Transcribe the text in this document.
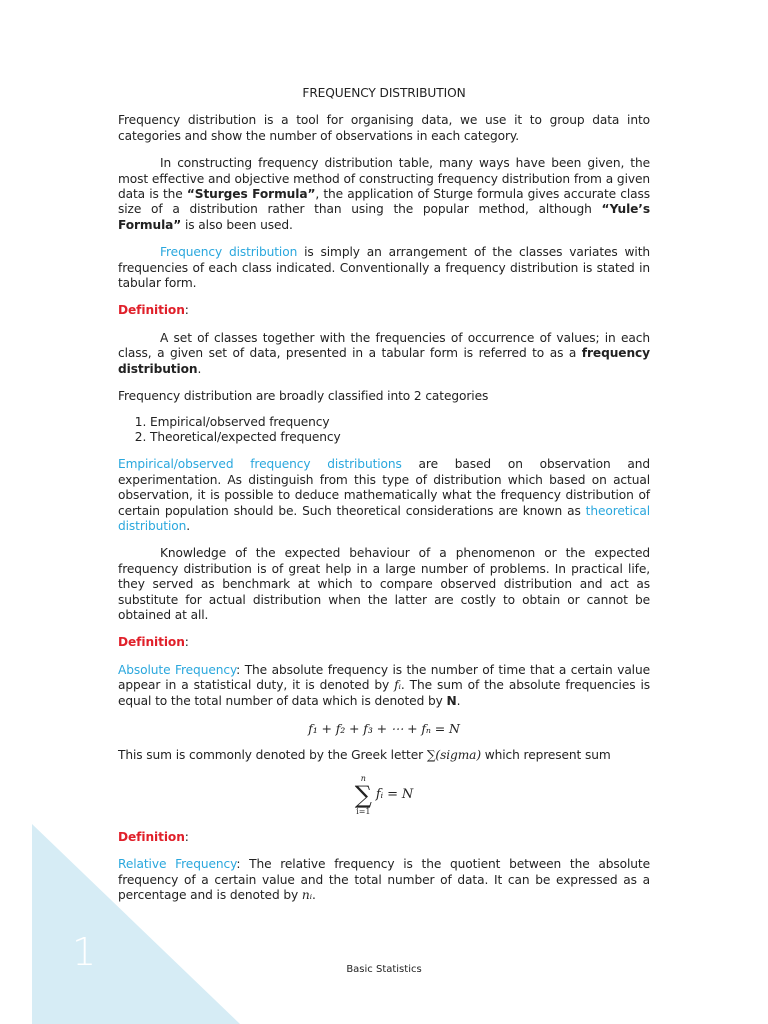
1
FREQUENCY DISTRIBUTION

Frequency distribution is a tool for organising data, we use it to group data into categories and show the number of observations in each category.

In constructing frequency distribution table, many ways have been given, the most effective and objective method of constructing frequency distribution from a given data is the “Sturges Formula”, the application of Sturge formula gives accurate class size of a distribution rather than using the popular method, although “Yule’s Formula” is also been used.

Frequency distribution is simply an arrangement of the classes variates with frequencies of each class indicated. Conventionally a frequency distribution is stated in tabular form.

Definition:

A set of classes together with the frequencies of occurrence of values; in each class, a given set of data, presented in a tabular form is referred to as a frequency distribution.

Frequency distribution are broadly classified into 2 categories

1. Empirical/observed frequency
2. Theoretical/expected frequency

Empirical/observed frequency distributions are based on observation and experimentation. As distinguish from this type of distribution which based on actual observation, it is possible to deduce mathematically what the frequency distribution of certain population should be. Such theoretical considerations are known as theoretical distribution.

Knowledge of the expected behaviour of a phenomenon or the expected frequency distribution is of great help in a large number of problems. In practical life, they served as benchmark at which to compare observed distribution and act as substitute for actual distribution when the latter are costly to obtain or cannot be obtained at all.

Definition:

Absolute Frequency: The absolute frequency is the number of time that a certain value appear in a statistical duty, it is denoted by fᵢ. The sum of the absolute frequencies is equal to the total number of data which is denoted by N.

f₁ + f₂ + f₃ + ⋯ + fₙ = N

This sum is commonly denoted by the Greek letter ∑(sigma) which represent sum

n
∑
i=1
fᵢ = N

Definition:

Relative Frequency: The relative frequency is the quotient between the absolute frequency of a certain value and the total number of data. It can be expressed as a percentage and is denoted by nᵢ.

Basic Statistics
